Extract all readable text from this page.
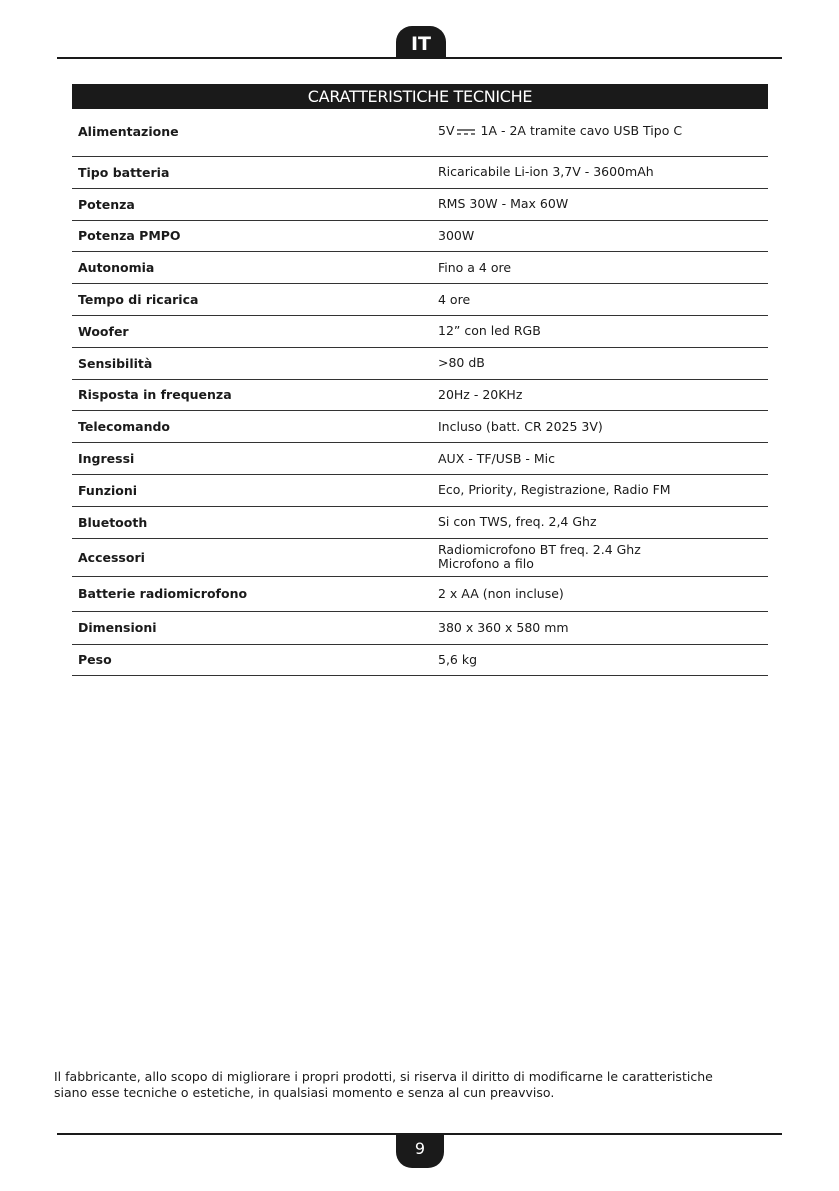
IT
CARATTERISTICHE TECNICHE
Alimentazione	5V 1A - 2A tramite cavo USB Tipo C
Tipo batteria	Ricaricabile Li-ion 3,7V - 3600mAh
Potenza	RMS 30W - Max 60W
Potenza PMPO	300W
Autonomia	Fino a 4 ore
Tempo di ricarica	4 ore
Woofer	12” con led RGB
Sensibilità	>80 dB
Risposta in frequenza	20Hz - 20KHz
Telecomando	Incluso (batt. CR 2025 3V)
Ingressi	AUX - TF/USB - Mic
Funzioni	Eco, Priority, Registrazione, Radio FM
Bluetooth	Si con TWS, freq. 2,4 Ghz
Accessori	Radiomicrofono BT freq. 2.4 Ghz
Microfono a filo
Batterie radiomicrofono	2 x AA (non incluse)
Dimensioni	380 x 360 x 580 mm
Peso	5,6 kg

Il fabbricante, allo scopo di migliorare i propri prodotti, si riserva il diritto di modificarne le caratteristiche

siano esse tecniche o estetiche, in qualsiasi momento e senza al cun preavviso.

9
